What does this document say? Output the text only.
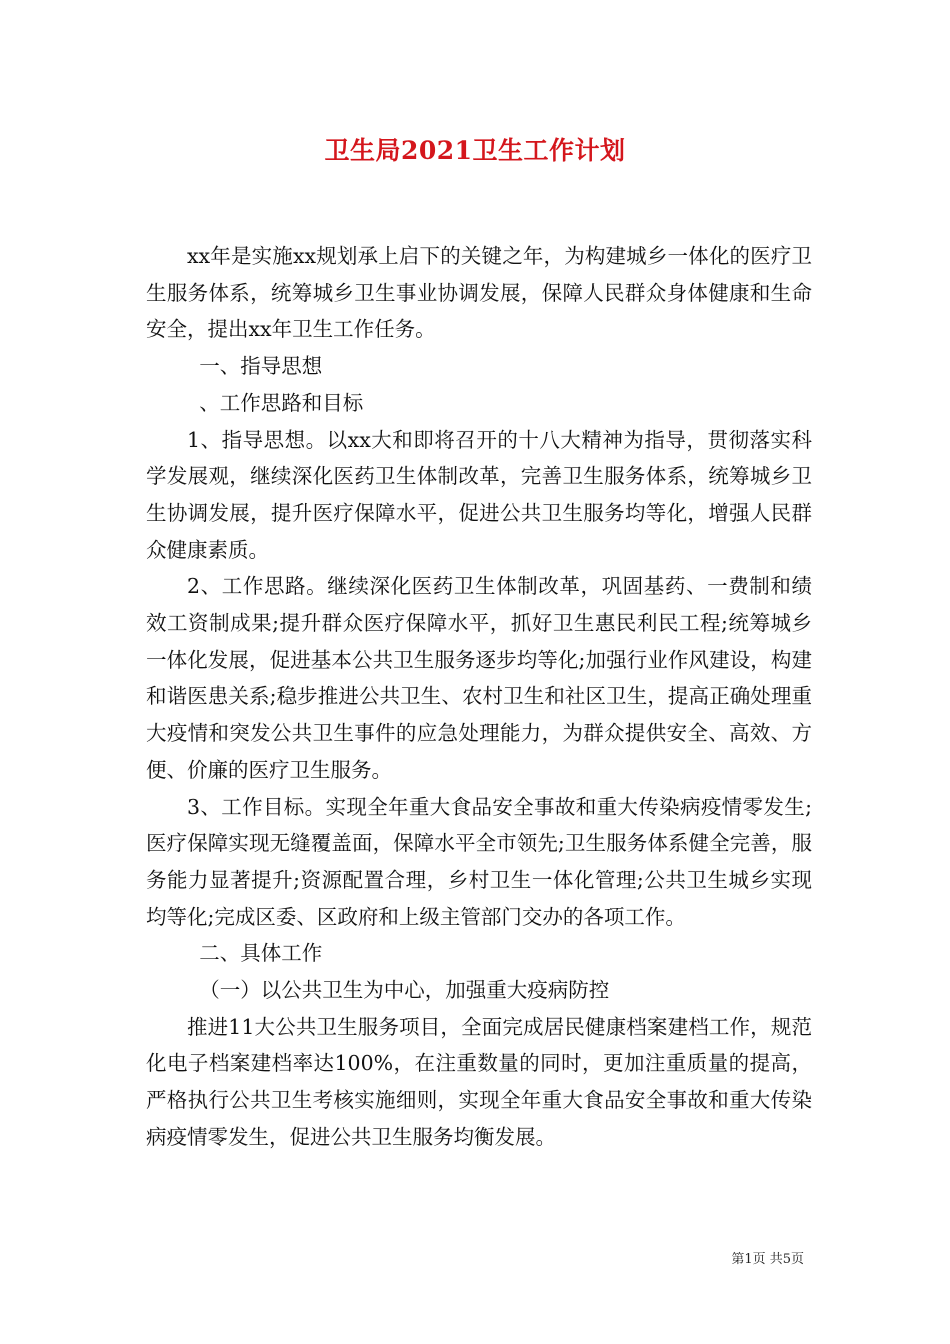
卫生局2021卫生工作计划

xx年是实施xx规划承上启下的关键之年，为构建城乡一体化的医疗卫生服务体系，统筹城乡卫生事业协调发展，保障人民群众身体健康和生命安全，提出xx年卫生工作任务。

一、指导思想

、工作思路和目标

1、指导思想。以xx大和即将召开的十八大精神为指导，贯彻落实科学发展观，继续深化医药卫生体制改革，完善卫生服务体系，统筹城乡卫生协调发展，提升医疗保障水平，促进公共卫生服务均等化，增强人民群众健康素质。

2、工作思路。继续深化医药卫生体制改革，巩固基药、一费制和绩效工资制成果;提升群众医疗保障水平，抓好卫生惠民利民工程;统筹城乡一体化发展，促进基本公共卫生服务逐步均等化;加强行业作风建设，构建和谐医患关系;稳步推进公共卫生、农村卫生和社区卫生，提高正确处理重大疫情和突发公共卫生事件的应急处理能力，为群众提供安全、高效、方便、价廉的医疗卫生服务。

3、工作目标。实现全年重大食品安全事故和重大传染病疫情零发生;医疗保障实现无缝覆盖面，保障水平全市领先;卫生服务体系健全完善，服务能力显著提升;资源配置合理，乡村卫生一体化管理;公共卫生城乡实现均等化;完成区委、区政府和上级主管部门交办的各项工作。

二、具体工作

（一）以公共卫生为中心，加强重大疫病防控

推进11大公共卫生服务项目，全面完成居民健康档案建档工作，规范化电子档案建档率达100%，在注重数量的同时，更加注重质量的提高，严格执行公共卫生考核实施细则，实现全年重大食品安全事故和重大传染病疫情零发生，促进公共卫生服务均衡发展。

第1页 共5页
